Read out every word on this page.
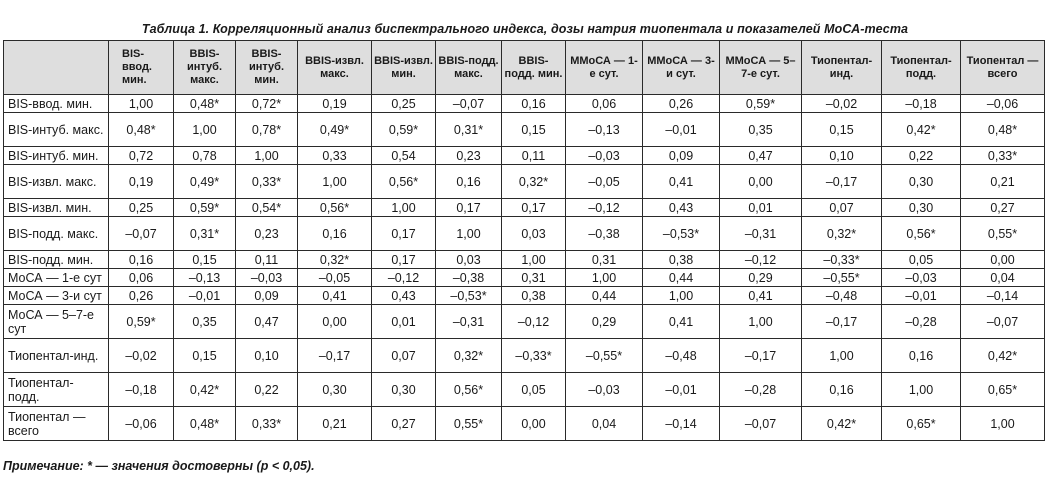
Таблица 1. Корреляционный анализ биспектрального индекса, дозы натрия тиопентала и показателей МоСА-теста
	BIS-ввод. мин.	BBIS-интуб. макс.	BBIS-интуб. мин.	BBIS-извл. макс.	BBIS-извл. мин.	BBIS-подд. макс.	BBIS-подд. мин.	ММоСА — 1-е сут.	ММоСА — 3-и сут.	ММоСА — 5–7-е сут.	Тиопентал-инд.	Тиопентал-подд.	Тиопентал — всего
BIS-ввод. мин.	1,00	0,48*	0,72*	0,19	0,25	–0,07	0,16	0,06	0,26	0,59*	–0,02	–0,18	–0,06
BIS-интуб. макс.	0,48*	1,00	0,78*	0,49*	0,59*	0,31*	0,15	–0,13	–0,01	0,35	0,15	0,42*	0,48*
BIS-интуб. мин.	0,72	0,78	1,00	0,33	0,54	0,23	0,11	–0,03	0,09	0,47	0,10	0,22	0,33*
BIS-извл. макс.	0,19	0,49*	0,33*	1,00	0,56*	0,16	0,32*	–0,05	0,41	0,00	–0,17	0,30	0,21
BIS-извл. мин.	0,25	0,59*	0,54*	0,56*	1,00	0,17	0,17	–0,12	0,43	0,01	0,07	0,30	0,27
BIS-подд. макс.	–0,07	0,31*	0,23	0,16	0,17	1,00	0,03	–0,38	–0,53*	–0,31	0,32*	0,56*	0,55*
BIS-подд. мин.	0,16	0,15	0,11	0,32*	0,17	0,03	1,00	0,31	0,38	–0,12	–0,33*	0,05	0,00
МоСА — 1-е сут	0,06	–0,13	–0,03	–0,05	–0,12	–0,38	0,31	1,00	0,44	0,29	–0,55*	–0,03	0,04
МоСА — 3-и сут	0,26	–0,01	0,09	0,41	0,43	–0,53*	0,38	0,44	1,00	0,41	–0,48	–0,01	–0,14
МоСА — 5–7-е сут	0,59*	0,35	0,47	0,00	0,01	–0,31	–0,12	0,29	0,41	1,00	–0,17	–0,28	–0,07
Тиопентал-инд.	–0,02	0,15	0,10	–0,17	0,07	0,32*	–0,33*	–0,55*	–0,48	–0,17	1,00	0,16	0,42*
Тиопентал-подд.	–0,18	0,42*	0,22	0,30	0,30	0,56*	0,05	–0,03	–0,01	–0,28	0,16	1,00	0,65*
Тиопентал — всего	–0,06	0,48*	0,33*	0,21	0,27	0,55*	0,00	0,04	–0,14	–0,07	0,42*	0,65*	1,00
Примечание: * — значения достоверны (р < 0,05).
